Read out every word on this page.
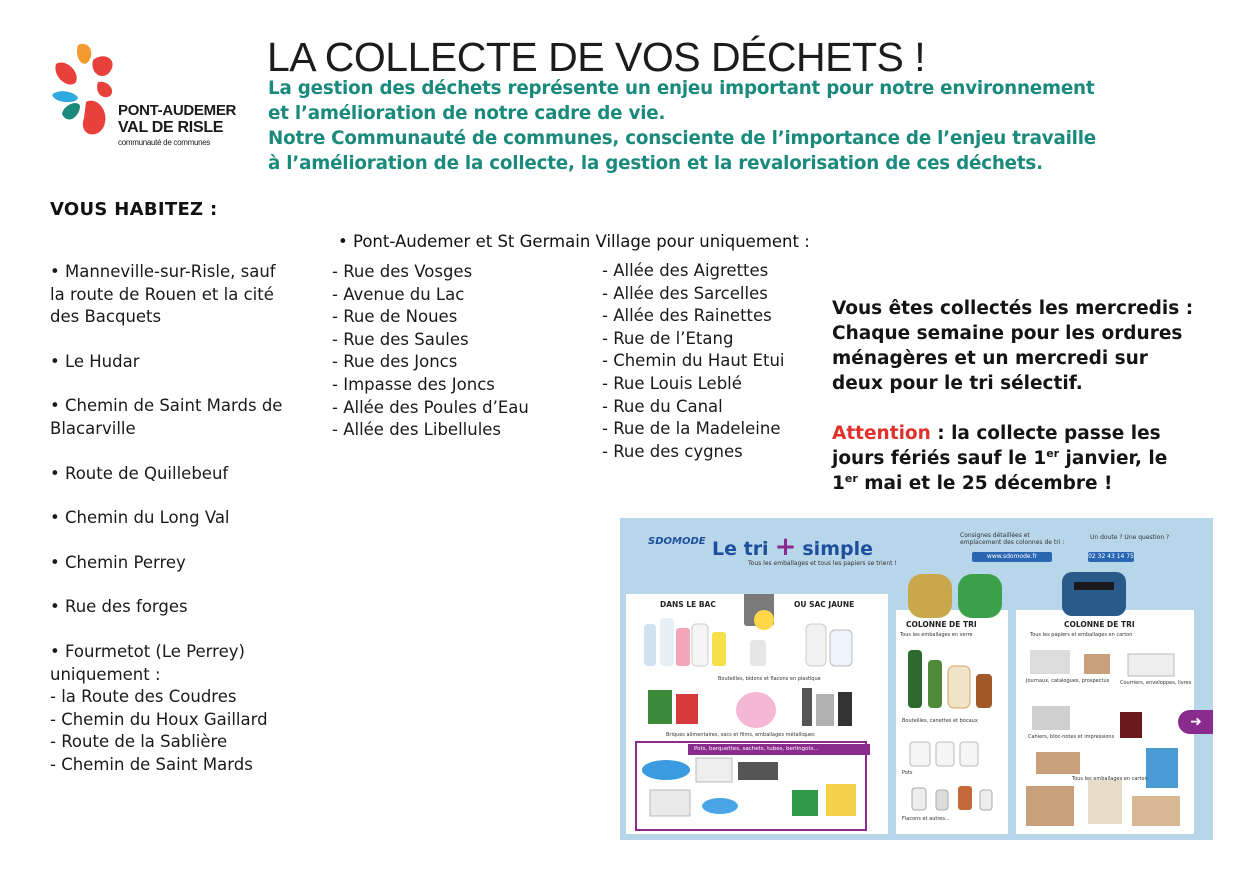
PONT-AUDEMER
VAL DE RISLE
communauté de communes
LA COLLECTE DE VOS DÉCHETS !
La gestion des déchets représente un enjeu important pour notre environnement
et l’amélioration de notre cadre de vie.
Notre Communauté de communes, consciente de l’importance de l’enjeu travaille
à l’amélioration de la collecte, la gestion et la revalorisation de ces déchets.
VOUS HABITEZ :
• Manneville-sur-Risle, sauf
la route de Rouen et la cité
des Bacquets
• Le Hudar
• Chemin de Saint Mards de
Blacarville
• Route de Quillebeuf
• Chemin du Long Val
• Chemin Perrey
• Rue des forges
• Fourmetot (Le Perrey)
uniquement :
- la Route des Coudres
- Chemin du Houx Gaillard
- Route de la Sablière
- Chemin de Saint Mards
• Pont-Audemer et St Germain Village pour uniquement :
- Rue des Vosges
- Avenue du Lac
- Rue de Noues
- Rue des Saules
- Rue des Joncs
- Impasse des Joncs
- Allée des Poules d’Eau
- Allée des Libellules
- Allée des Aigrettes
- Allée des Sarcelles
- Allée des Rainettes
- Rue de l’Etang
- Chemin du Haut Etui
- Rue Louis Leblé
- Rue du Canal
- Rue de la Madeleine
- Rue des cygnes
Vous êtes collectés les mercredis :
Chaque semaine pour les ordures
ménagères et un mercredi sur
deux pour le tri sélectif.
Attention : la collecte passe les
jours fériés sauf le 1er janvier, le
1er mai et le 25 décembre !
SDOMODE Le tri + simple
Tous les emballages et tous les papiers se trient !
Consignes détaillées et emplacement des colonnes de tri :
www.sdomode.fr
Un doute ? Une question ?
02 32 43 14 75
DANS LE BAC	OU SAC JAUNE
Bouteilles, bidons et flacons en plastique
Briques alimentaires, sacs et films, emballages métalliques
Pots, barquettes, sachets, tubes, berlingots...
COLONNE DE TRI
Tous les emballages en verre
Bouteilles, canettes et bocaux
Pots
Flacons et autres...
COLONNE DE TRI
Tous les papiers et emballages en carton
Journaux, catalogues, prospectus Courriers, enveloppes, livres
Cahiers, bloc-notes et impressions
Tous les emballages en carton
➜
